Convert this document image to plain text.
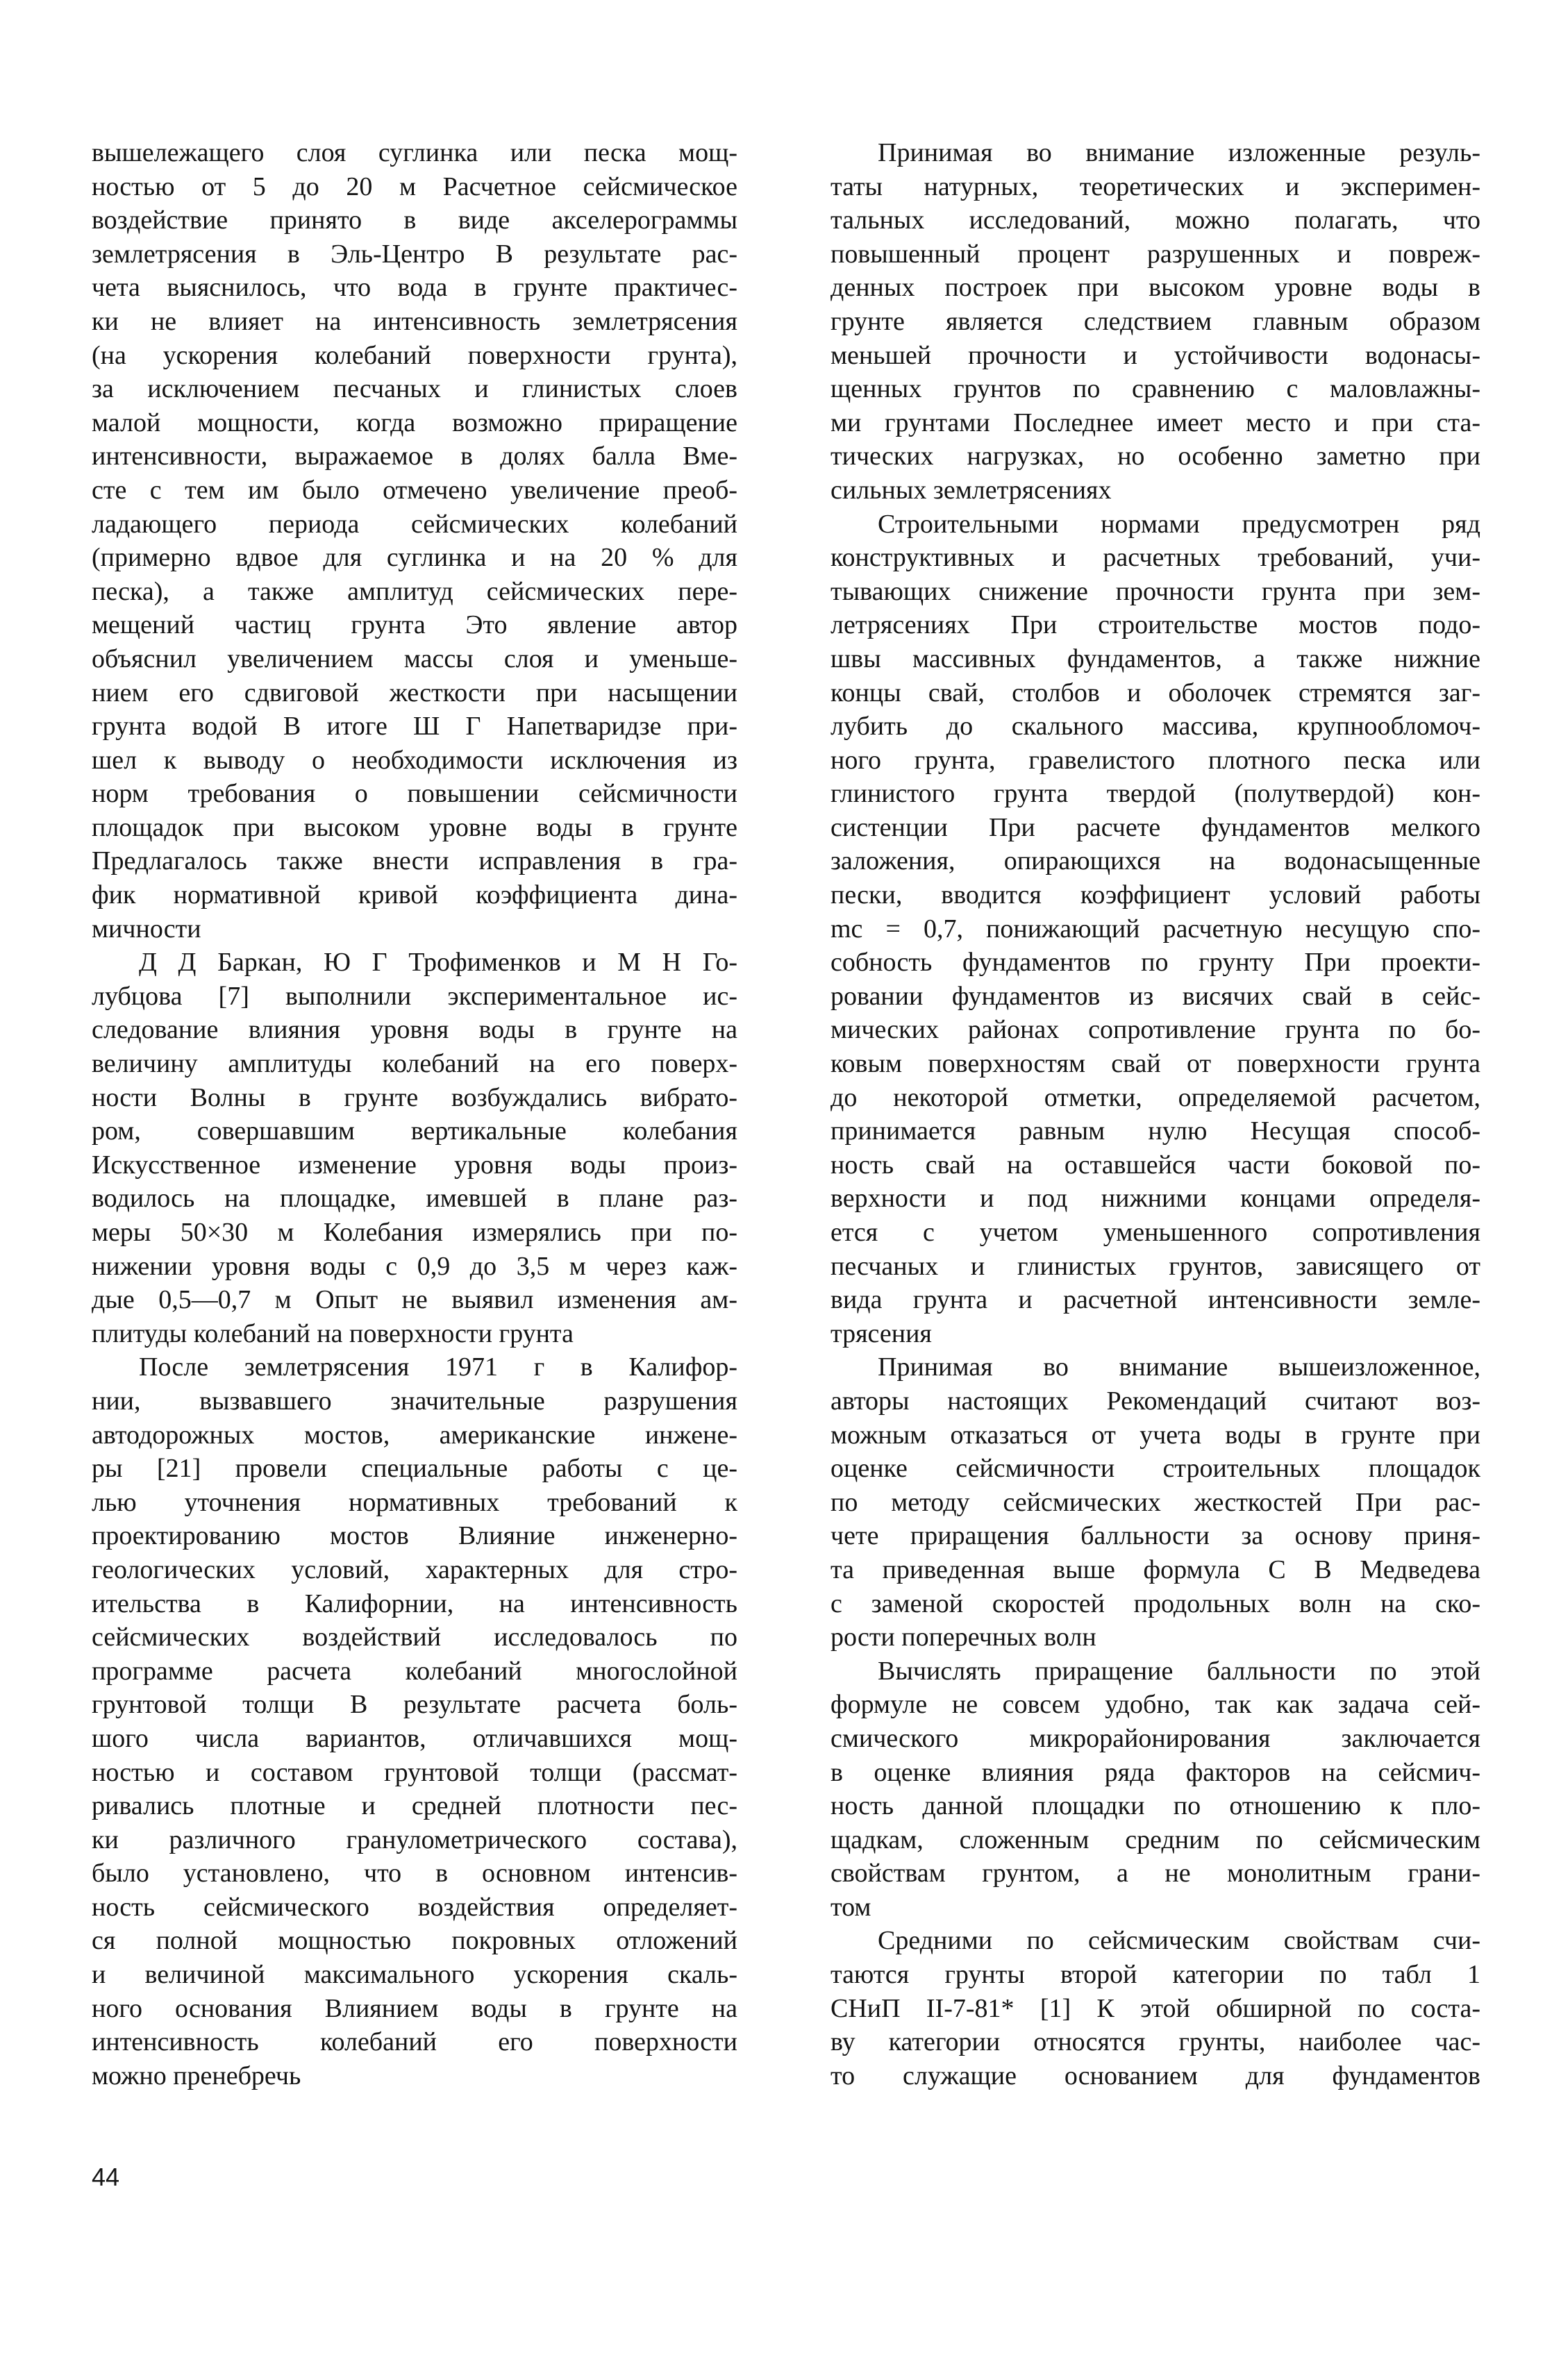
вышележащего слоя суглинка или песка мощ-
ностью от 5 до 20 м Расчетное сейсмическое
воздействие принято в виде акселерограммы
землетрясения в Эль-Центро В результате рас-
чета выяснилось, что вода в грунте практичес-
ки не влияет на интенсивность землетрясения
(на ускорения колебаний поверхности грунта),
за исключением песчаных и глинистых слоев
малой мощности, когда возможно приращение
интенсивности, выражаемое в долях балла Вме-
сте с тем им было отмечено увеличение преоб-
ладающего периода сейсмических колебаний
(примерно вдвое для суглинка и на 20 % для
песка), а также амплитуд сейсмических пере-
мещений частиц грунта Это явление автор
объяснил увеличением массы слоя и уменьше-
нием его сдвиговой жесткости при насыщении
грунта водой В итоге Ш Г Напетваридзе при-
шел к выводу о необходимости исключения из
норм требования о повышении сейсмичности
площадок при высоком уровне воды в грунте
Предлагалось также внести исправления в гра-
фик нормативной кривой коэффициента дина-
мичности
Д Д Баркан, Ю Г Трофименков и М Н Го-
лубцова [7] выполнили экспериментальное ис-
следование влияния уровня воды в грунте на
величину амплитуды колебаний на его поверх-
ности Волны в грунте возбуждались вибрато-
ром, совершавшим вертикальные колебания
Искусственное изменение уровня воды произ-
водилось на площадке, имевшей в плане раз-
меры 50×30 м Колебания измерялись при по-
нижении уровня воды с 0,9 до 3,5 м через каж-
дые 0,5—0,7 м Опыт не выявил изменения ам-
плитуды колебаний на поверхности грунта
После землетрясения 1971 г в Калифор-
нии, вызвавшего значительные разрушения
автодорожных мостов, американские инжене-
ры [21] провели специальные работы с це-
лью уточнения нормативных требований к
проектированию мостов Влияние инженерно-
геологических условий, характерных для стро-
ительства в Калифорнии, на интенсивность
сейсмических воздействий исследовалось по
программе расчета колебаний многослойной
грунтовой толщи В результате расчета боль-
шого числа вариантов, отличавшихся мощ-
ностью и составом грунтовой толщи (рассмат-
ривались плотные и средней плотности пес-
ки различного гранулометрического состава),
было установлено, что в основном интенсив-
ность сейсмического воздействия определяет-
ся полной мощностью покровных отложений
и величиной максимального ускорения скаль-
ного основания Влиянием воды в грунте на
интенсивность колебаний его поверхности
можно пренебречь
Принимая во внимание изложенные резуль-
таты натурных, теоретических и эксперимен-
тальных исследований, можно полагать, что
повышенный процент разрушенных и повреж-
денных построек при высоком уровне воды в
грунте является следствием главным образом
меньшей прочности и устойчивости водонасы-
щенных грунтов по сравнению с маловлажны-
ми грунтами Последнее имеет место и при ста-
тических нагрузках, но особенно заметно при
сильных землетрясениях
Строительными нормами предусмотрен ряд
конструктивных и расчетных требований, учи-
тывающих снижение прочности грунта при зем-
летрясениях При строительстве мостов подо-
швы массивных фундаментов, а также нижние
концы свай, столбов и оболочек стремятся заг-
лубить до скального массива, крупнообломоч-
ного грунта, гравелистого плотного песка или
глинистого грунта твердой (полутвердой) кон-
систенции При расчете фундаментов мелкого
заложения, опирающихся на водонасыщенные
пески, вводится коэффициент условий работы
mc = 0,7, понижающий расчетную несущую спо-
собность фундаментов по грунту При проекти-
ровании фундаментов из висячих свай в сейс-
мических районах сопротивление грунта по бо-
ковым поверхностям свай от поверхности грунта
до некоторой отметки, определяемой расчетом,
принимается равным нулю Несущая способ-
ность свай на оставшейся части боковой по-
верхности и под нижними концами определя-
ется с учетом уменьшенного сопротивления
песчаных и глинистых грунтов, зависящего от
вида грунта и расчетной интенсивности земле-
трясения
Принимая во внимание вышеизложенное,
авторы настоящих Рекомендаций считают воз-
можным отказаться от учета воды в грунте при
оценке сейсмичности строительных площадок
по методу сейсмических жесткостей При рас-
чете приращения балльности за основу приня-
та приведенная выше формула С В Медведева
с заменой скоростей продольных волн на ско-
рости поперечных волн
Вычислять приращение балльности по этой
формуле не совсем удобно, так как задача сей-
смического микрорайонирования заключается
в оценке влияния ряда факторов на сейсмич-
ность данной площадки по отношению к пло-
щадкам, сложенным средним по сейсмическим
свойствам грунтом, а не монолитным грани-
том
Средними по сейсмическим свойствам счи-
таются грунты второй категории по табл 1
СНиП II-7-81* [1] К этой обширной по соста-
ву категории относятся грунты, наиболее час-
то служащие основанием для фундаментов
44
